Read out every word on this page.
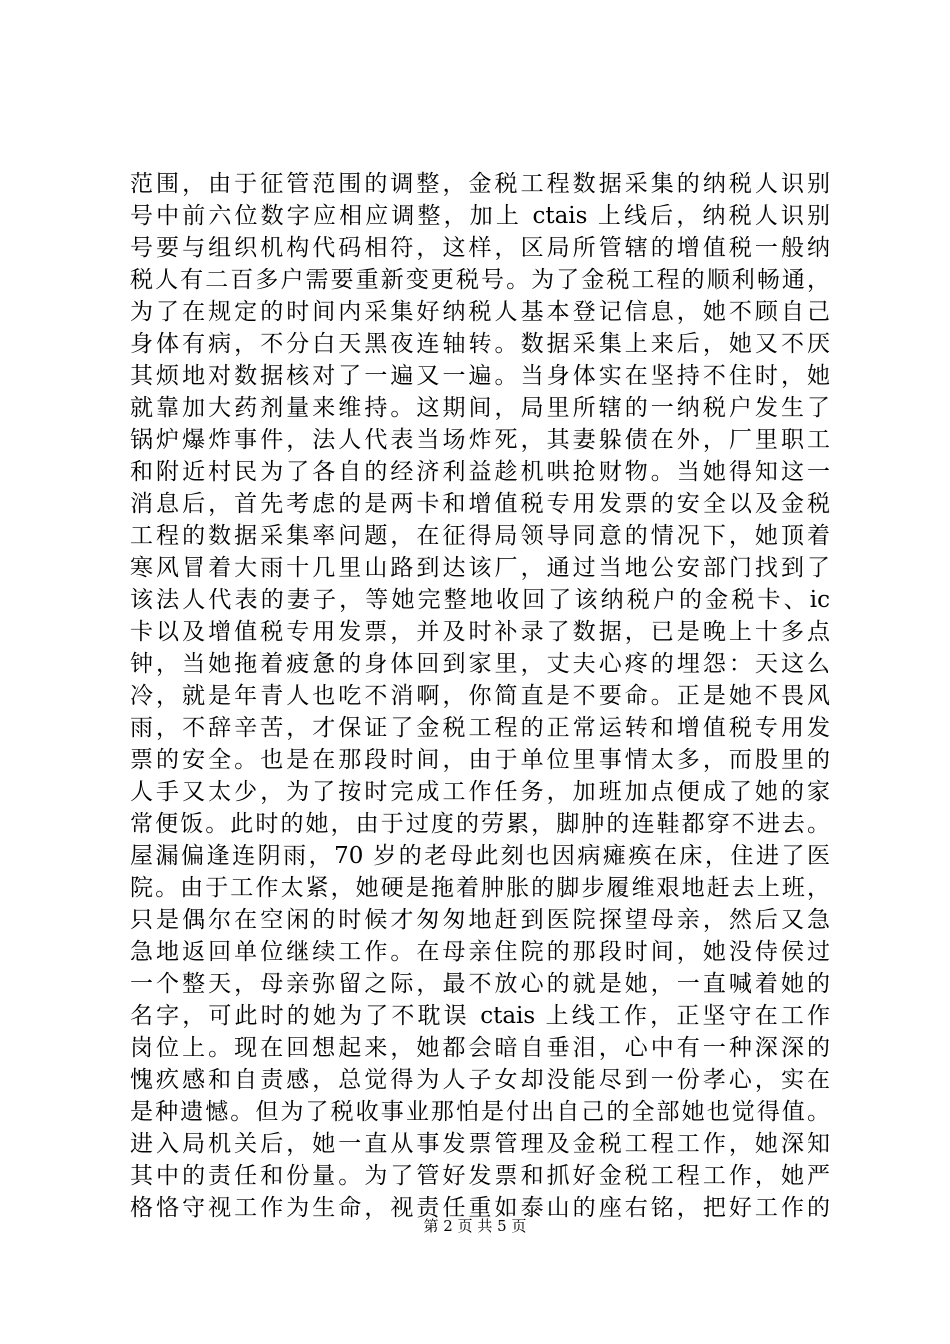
范围，由于征管范围的调整，金税工程数据采集的纳税人识别
号中前六位数字应相应调整，加上 ctais 上线后，纳税人识别
号要与组织机构代码相符，这样，区局所管辖的增值税一般纳
税人有二百多户需要重新变更税号。为了金税工程的顺利畅通，
为了在规定的时间内采集好纳税人基本登记信息，她不顾自己
身体有病，不分白天黑夜连轴转。数据采集上来后，她又不厌
其烦地对数据核对了一遍又一遍。当身体实在坚持不住时，她
就靠加大药剂量来维持。这期间，局里所辖的一纳税户发生了
锅炉爆炸事件，法人代表当场炸死，其妻躲债在外，厂里职工
和附近村民为了各自的经济利益趁机哄抢财物。当她得知这一
消息后，首先考虑的是两卡和增值税专用发票的安全以及金税
工程的数据采集率问题，在征得局领导同意的情况下，她顶着
寒风冒着大雨十几里山路到达该厂，通过当地公安部门找到了
该法人代表的妻子，等她完整地收回了该纳税户的金税卡、ic
卡以及增值税专用发票，并及时补录了数据，已是晚上十多点
钟，当她拖着疲惫的身体回到家里，丈夫心疼的埋怨：天这么
冷，就是年青人也吃不消啊，你简直是不要命。正是她不畏风
雨，不辞辛苦，才保证了金税工程的正常运转和增值税专用发
票的安全。也是在那段时间，由于单位里事情太多，而股里的
人手又太少，为了按时完成工作任务，加班加点便成了她的家
常便饭。此时的她，由于过度的劳累，脚肿的连鞋都穿不进去。
屋漏偏逢连阴雨，70 岁的老母此刻也因病瘫痪在床，住进了医
院。由于工作太紧，她硬是拖着肿胀的脚步履维艰地赶去上班，
只是偶尔在空闲的时候才匆匆地赶到医院探望母亲，然后又急
急地返回单位继续工作。在母亲住院的那段时间，她没侍侯过
一个整天，母亲弥留之际，最不放心的就是她，一直喊着她的
名字，可此时的她为了不耽误 ctais 上线工作，正坚守在工作
岗位上。现在回想起来，她都会暗自垂泪，心中有一种深深的
愧疚感和自责感，总觉得为人子女却没能尽到一份孝心，实在
是种遗憾。但为了税收事业那怕是付出自己的全部她也觉得值。
进入局机关后，她一直从事发票管理及金税工程工作，她深知
其中的责任和份量。为了管好发票和抓好金税工程工作，她严
格恪守视工作为生命，视责任重如泰山的座右铭，把好工作的
第 2 页 共 5 页
